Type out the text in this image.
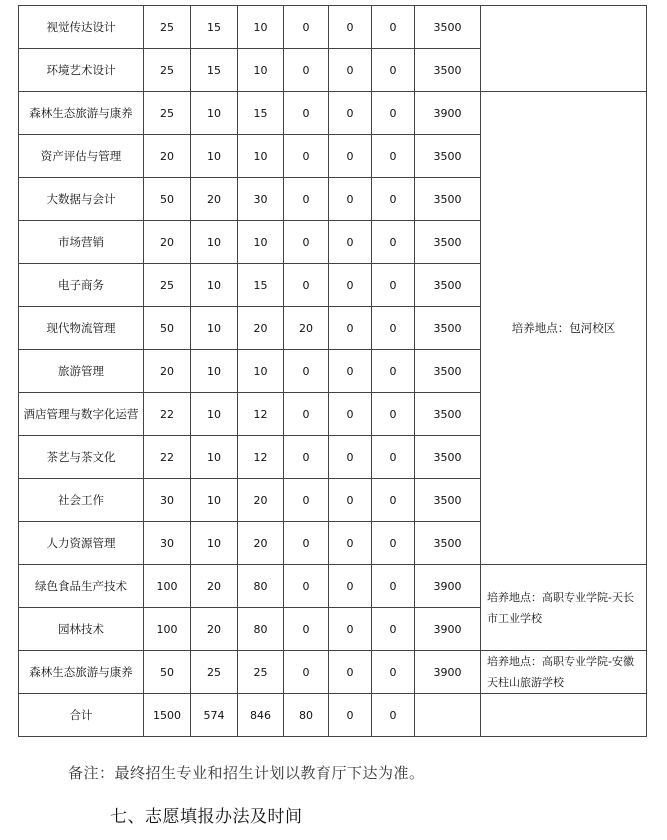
视觉传达设计	25	15	10	0	0	0	3500	
环境艺术设计	25	15	10	0	0	0	3500	
森林生态旅游与康养	25	10	15	0	0	0	3900	培养地点：包河校区
资产评估与管理	20	10	10	0	0	0	3500	
大数据与会计	50	20	30	0	0	0	3500	
市场营销	20	10	10	0	0	0	3500	
电子商务	25	10	15	0	0	0	3500	
现代物流管理	50	10	20	20	0	0	3500	
旅游管理	20	10	10	0	0	0	3500	
酒店管理与数字化运营	22	10	12	0	0	0	3500	
茶艺与茶文化	22	10	12	0	0	0	3500	
社会工作	30	10	20	0	0	0	3500	
人力资源管理	30	10	20	0	0	0	3500	
绿色食品生产技术	100	20	80	0	0	0	3900	培养地点：高职专业学院-天长市工业学校
园林技术	100	20	80	0	0	0	3900	
森林生态旅游与康养	50	25	25	0	0	0	3900	培养地点：高职专业学院-安徽天柱山旅游学校
合计	1500	574	846	80	0	0		
备注：最终招生专业和招生计划以教育厅下达为准。
七、志愿填报办法及时间
